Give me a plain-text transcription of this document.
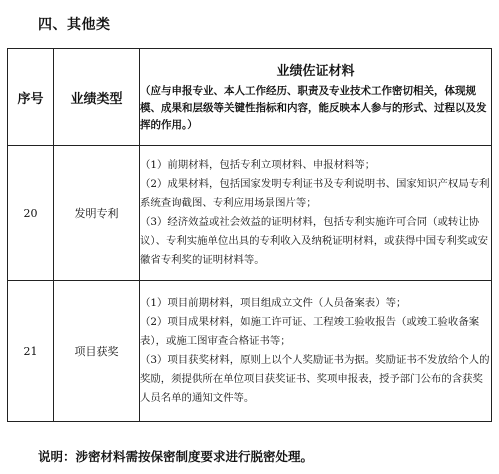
四、其他类
序号	业绩类型	业绩佐证材料
（应与申报专业、本人工作经历、职责及专业技术工作密切相关，体现规模、成果和层级等关键性指标和内容，能反映本人参与的形式、过程以及发挥的作用。）

20	发明专利	（1）前期材料，包括专利立项材料、申报材料等；
（2）成果材料，包括国家发明专利证书及专利说明书、国家知识产权局专利系统查询截图、专利应用场景图片等；
（3）经济效益或社会效益的证明材料，包括专利实施许可合同（或转让协议）、专利实施单位出具的专利收入及纳税证明材料，或获得中国专利奖或安徽省专利奖的证明材料等。

21	项目获奖	（1）项目前期材料，项目组成立文件（人员备案表）等；
（2）项目成果材料，如施工许可证、工程竣工验收报告（或竣工验收备案表），或施工图审查合格证书等；
（3）项目获奖材料，原则上以个人奖励证书为据。奖励证书不发放给个人的奖励，须提供所在单位项目获奖证书、奖项申报表，授予部门公布的含获奖人员名单的通知文件等。
说明：涉密材料需按保密制度要求进行脱密处理。
